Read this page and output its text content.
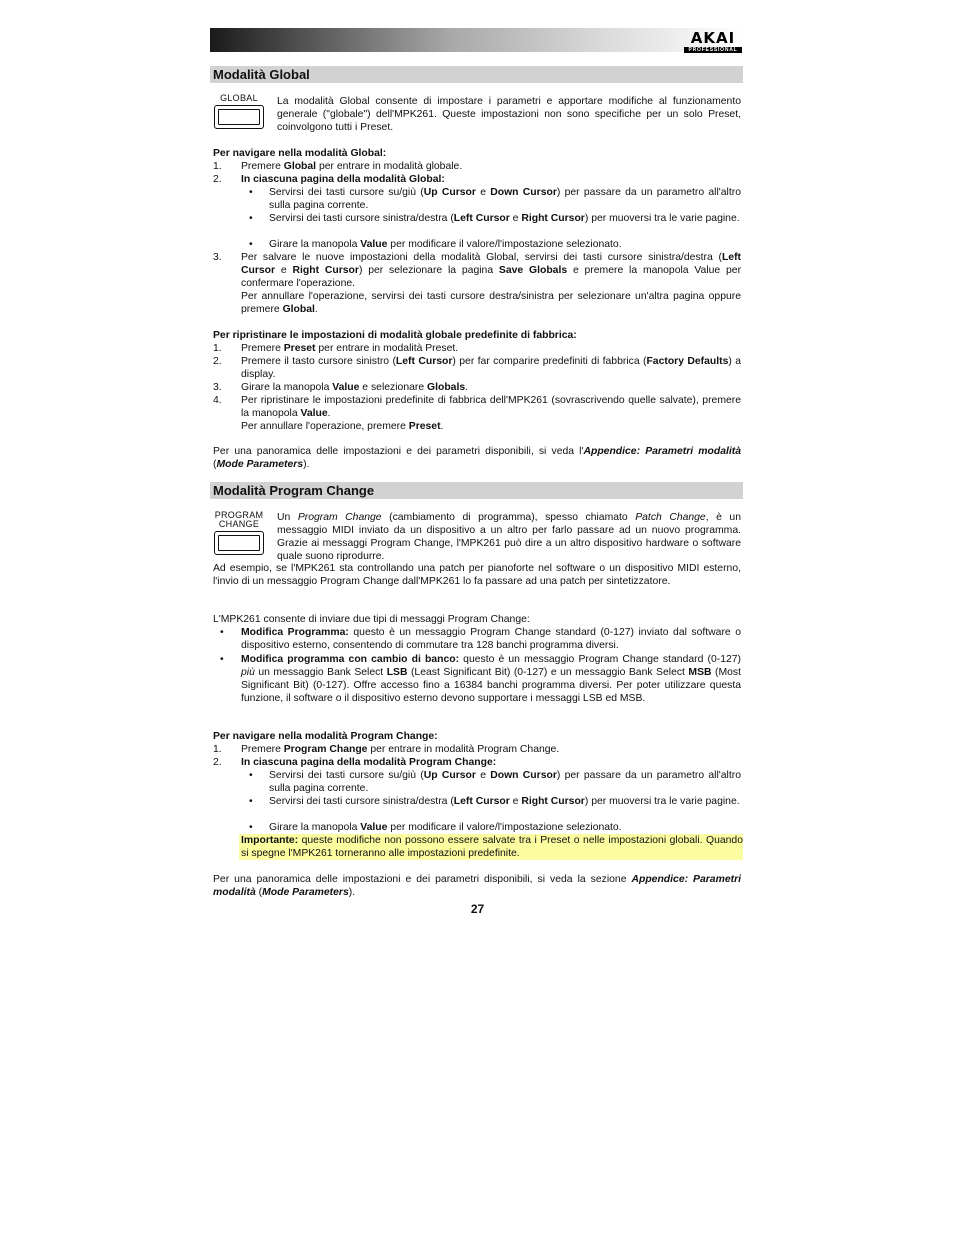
AKAI
PROFESSIONAL
Modalità Global
GLOBAL	La modalità Global consente di impostare i parametri e apportare modifiche al funzionamento generale ("globale") dell'MPK261. Queste impostazioni non sono specifiche per un solo Preset, coinvolgono tutti i Preset.
Per navigare nella modalità Global:
1.	Premere Global per entrare in modalità globale.
2.	In ciascuna pagina della modalità Global:
•	Servirsi dei tasti cursore su/giù (Up Cursor e Down Cursor) per passare da un parametro all'altro sulla pagina corrente.
•	Servirsi dei tasti cursore sinistra/destra (Left Cursor e Right Cursor) per muoversi tra le varie pagine.
•	Girare la manopola Value per modificare il valore/l'impostazione selezionato.
3.	Per salvare le nuove impostazioni della modalità Global, servirsi dei tasti cursore sinistra/destra (Left Cursor e Right Cursor) per selezionare la pagina Save Globals e premere la manopola Value per confermare l'operazione.
Per annullare l'operazione, servirsi dei tasti cursore destra/sinistra per selezionare un'altra pagina oppure premere Global.
Per ripristinare le impostazioni di modalità globale predefinite di fabbrica:
1.	Premere Preset per entrare in modalità Preset.
2.	Premere il tasto cursore sinistro (Left Cursor) per far comparire predefiniti di fabbrica (Factory Defaults) a display.
3.	Girare la manopola Value e selezionare Globals.
4.	Per ripristinare le impostazioni predefinite di fabbrica dell'MPK261 (sovrascrivendo quelle salvate), premere la manopola Value.
Per annullare l'operazione, premere Preset.
Per una panoramica delle impostazioni e dei parametri disponibili, si veda l'Appendice: Parametri modalità (Mode Parameters).
Modalità Program Change
PROGRAM
CHANGE
Un Program Change (cambiamento di programma), spesso chiamato Patch Change, è un messaggio MIDI inviato da un dispositivo a un altro per farlo passare ad un nuovo programma. Grazie ai messaggi Program Change, l'MPK261 può dire a un altro dispositivo hardware o software quale suono riprodurre.
Ad esempio, se l'MPK261 sta controllando una patch per pianoforte nel software o un dispositivo MIDI esterno, l'invio di un messaggio Program Change dall'MPK261 lo fa passare ad una patch per sintetizzatore.
L'MPK261 consente di inviare due tipi di messaggi Program Change:
•	Modifica Programma: questo è un messaggio Program Change standard (0-127) inviato dal software o dispositivo esterno, consentendo di commutare tra 128 banchi programma diversi.
•	Modifica programma con cambio di banco: questo è un messaggio Program Change standard (0-127) più un messaggio Bank Select LSB (Least Significant Bit) (0-127) e un messaggio Bank Select MSB (Most Significant Bit) (0-127). Offre accesso fino a 16384 banchi programma diversi. Per poter utilizzare questa funzione, il software o il dispositivo esterno devono supportare i messaggi LSB ed MSB.
Per navigare nella modalità Program Change:
1.	Premere Program Change per entrare in modalità Program Change.
2.	In ciascuna pagina della modalità Program Change:
•	Servirsi dei tasti cursore su/giù (Up Cursor e Down Cursor) per passare da un parametro all'altro sulla pagina corrente.
•	Servirsi dei tasti cursore sinistra/destra (Left Cursor e Right Cursor) per muoversi tra le varie pagine.
•	Girare la manopola Value per modificare il valore/l'impostazione selezionato.
Importante: queste modifiche non possono essere salvate tra i Preset o nelle impostazioni globali. Quando si spegne l'MPK261 torneranno alle impostazioni predefinite.
Per una panoramica delle impostazioni e dei parametri disponibili, si veda la sezione Appendice: Parametri modalità (Mode Parameters).
27
